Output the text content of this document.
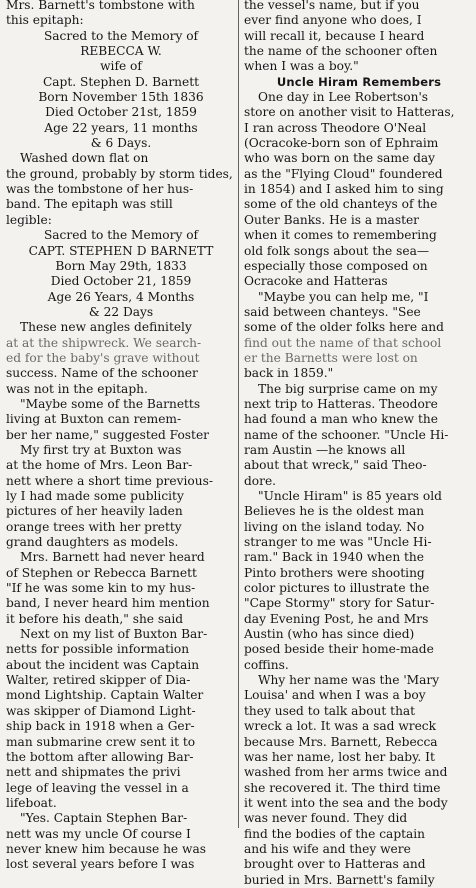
Mrs. Barnett's tombstone with
this epitaph:
Sacred to the Memory of
REBECCA W.
wife of
Capt. Stephen D. Barnett
Born November 15th 1836
Died October 21st, 1859
Age 22 years, 11 months
& 6 Days.
Washed down flat on
the ground, probably by storm tides,
was the tombstone of her hus-
band. The epitaph was still
legible:
Sacred to the Memory of
CAPT. STEPHEN D BARNETT
Born May 29th, 1833
Died October 21, 1859
Age 26 Years, 4 Months
& 22 Days
These new angles definitely
at at the shipwreck. We search-
ed for the baby's grave without
success. Name of the schooner
was not in the epitaph.
"Maybe some of the Barnetts
living at Buxton can remem-
ber her name," suggested Foster
My first try at Buxton was
at the home of Mrs. Leon Bar-
nett where a short time previous-
ly I had made some publicity
pictures of her heavily laden
orange trees with her pretty
grand daughters as models.
Mrs. Barnett had never heard
of Stephen or Rebecca Barnett
"If he was some kin to my hus-
band, I never heard him mention
it before his death," she said
Next on my list of Buxton Bar-
netts for possible information
about the incident was Captain
Walter, retired skipper of Dia-
mond Lightship. Captain Walter
was skipper of Diamond Light-
ship back in 1918 when a Ger-
man submarine crew sent it to
the bottom after allowing Bar-
nett and shipmates the privi
lege of leaving the vessel in a
lifeboat.
"Yes. Captain Stephen Bar-
nett was my uncle Of course I
never knew him because he was
lost several years before I was
the vessel's name, but if you
ever find anyone who does, I
will recall it, because I heard
the name of the schooner often
when I was a boy."
Uncle Hiram Remembers
One day in Lee Robertson's
store on another visit to Hatteras,
I ran across Theodore O'Neal
(Ocracoke-born son of Ephraim
who was born on the same day
as the "Flying Cloud" foundered
in 1854) and I asked him to sing
some of the old chanteys of the
Outer Banks. He is a master
when it comes to remembering
old folk songs about the sea—
especially those composed on
Ocracoke and Hatteras
"Maybe you can help me, "I
said between chanteys. "See
some of the older folks here and
find out the name of that school
er the Barnetts were lost on
back in 1859."
The big surprise came on my
next trip to Hatteras. Theodore
had found a man who knew the
name of the schooner. "Uncle Hi-
ram Austin —he knows all
about that wreck," said Theo-
dore.
"Uncle Hiram" is 85 years old
Believes he is the oldest man
living on the island today. No
stranger to me was "Uncle Hi-
ram." Back in 1940 when the
Pinto brothers were shooting
color pictures to illustrate the
"Cape Stormy" story for Satur-
day Evening Post, he and Mrs
Austin (who has since died)
posed beside their home-made
coffins.
Why her name was the 'Mary
Louisa' and when I was a boy
they used to talk about that
wreck a lot. It was a sad wreck
because Mrs. Barnett, Rebecca
was her name, lost her baby. It
washed from her arms twice and
she recovered it. The third time
it went into the sea and the body
was never found. They did
find the bodies of the captain
and his wife and they were
brought over to Hatteras and
buried in Mrs. Barnett's family
